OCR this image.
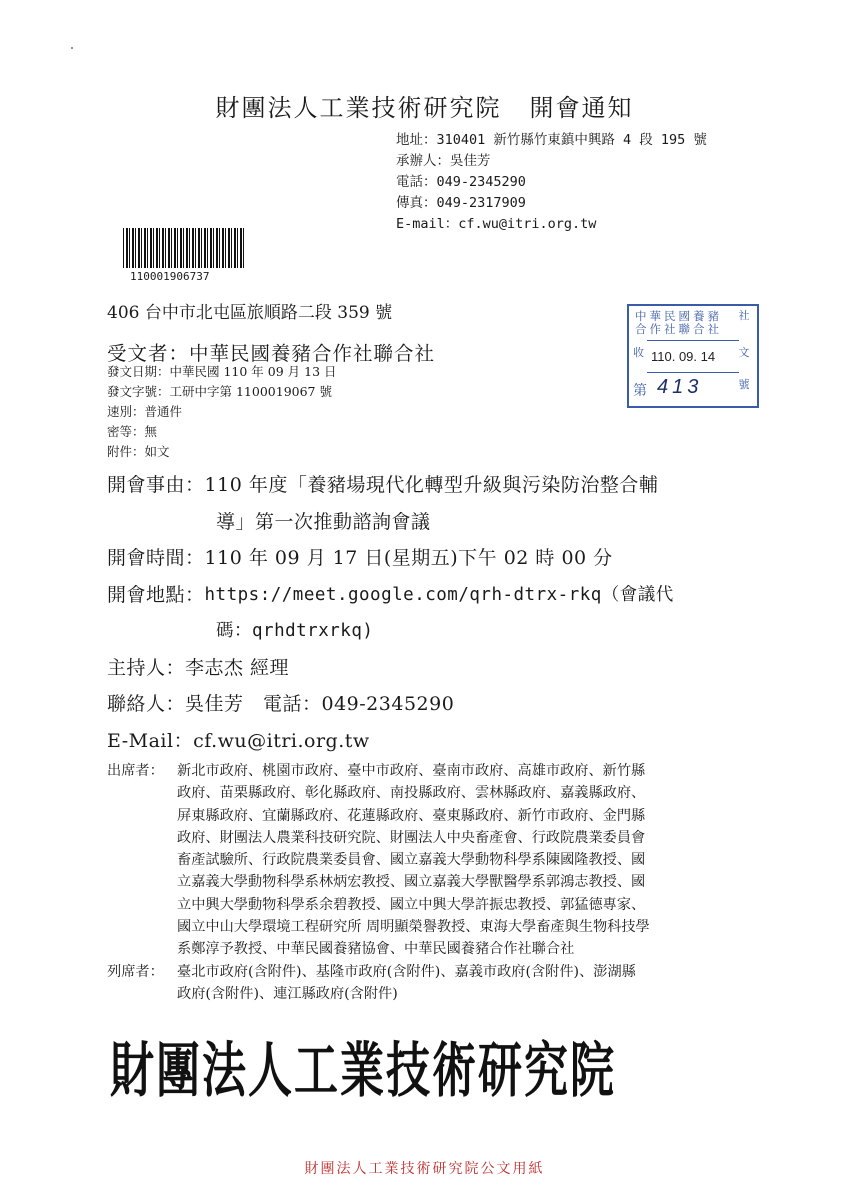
財團法人工業技術研究院 開會通知
地址：310401 新竹縣竹東鎮中興路 4 段 195 號
承辦人：吳佳芳
電話：049-2345290
傳真：049-2317909
E-mail：cf.wu@itri.org.tw
110001906737
406 台中市北屯區旅順路二段 359 號	中華民國養豬合作社聯合社
社
文
號
收
第
110. 09. 14
413
受文者：中華民國養豬合作社聯合社
發文日期：中華民國 110 年 09 月 13 日
發文字號：工研中字第 1100019067 號
速別：普通件
密等：無
附件：如文
開會事由： 110 年度「養豬場現代化轉型升級與污染防治整合輔
導」第一次推動諮詢會議
開會時間： 110 年 09 月 17 日(星期五)下午 02 時 00 分
開會地點： https://meet.google.com/qrh-dtrx-rkq（會議代
碼：qrhdtrxrkq)
主持人：李志杰 經理
聯絡人：吳佳芳　電話：049-2345290
E-Mail：cf.wu@itri.org.tw
出席者： 新北市政府、桃園市政府、臺中市政府、臺南市政府、高雄市政府、新竹縣
政府、苗栗縣政府、彰化縣政府、南投縣政府、雲林縣政府、嘉義縣政府、
屏東縣政府、宜蘭縣政府、花蓮縣政府、臺東縣政府、新竹市政府、金門縣
政府、財團法人農業科技研究院、財團法人中央畜產會、行政院農業委員會
畜產試驗所、行政院農業委員會、國立嘉義大學動物科學系陳國隆教授、國
立嘉義大學動物科學系林炳宏教授、國立嘉義大學獸醫學系郭鴻志教授、國
立中興大學動物科學系余碧教授、國立中興大學許振忠教授、郭猛德專家、
國立中山大學環境工程研究所 周明顯榮譽教授、東海大學畜產與生物科技學
系鄭淳予教授、中華民國養豬協會、中華民國養豬合作社聯合社
列席者： 臺北市政府(含附件)、基隆市政府(含附件)、嘉義市政府(含附件)、澎湖縣
政府(含附件)、連江縣政府(含附件)
財團法人工業技術研究院
財團法人工業技術研究院公文用紙
